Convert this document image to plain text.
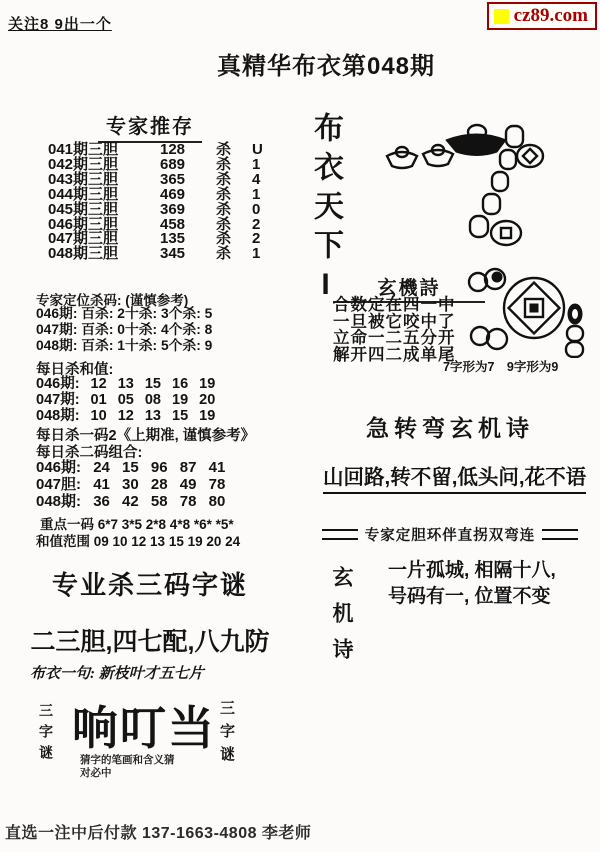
关注8 9出一个	cz89.com
真精华布衣第048期
专家推存
041期三胆	128	杀	U
042期三胆	689	杀	1
043期三胆	365	杀	4
044期三胆	469	杀	1
045期三胆	369	杀	0
046期三胆	458	杀	2
047期三胆	135	杀	2
048期三胆	345	杀	1
专家定位杀码: (谨慎参考)
046期: 百杀: 2十杀: 3个杀: 5
047期: 百杀: 0十杀: 4个杀: 8
048期: 百杀: 1十杀: 5个杀: 9
每日杀和值:
046期: 12 13 15 16 19
047期: 01 05 08 19 20
048期: 10 12 13 15 19
每日杀一码2《上期准, 谨慎参考》
每日杀二码组合:
046期: 24 15 96 87 41
047胆: 41 30 28 49 78
048期: 36 42 58 78 80
重点一码 6*7 3*5 2*8 4*8 *6* *5*
和值范围 09 10 12 13 15 19 20 24
专业杀三码字谜
二三胆,四七配,八九防
布衣一句: 新枝叶才五七片
三字谜 响叮当
猜字的笔画和含义猜
对必中
三字谜
布衣天下I	玄機詩
合数定在四一中
一旦被它咬中了
立命一二五分开
解开四二成单尾
7字形为7　9字形为9
急转弯玄机诗
山回路,转不留,低头问,花不语
专家定胆环伴直拐双弯连
玄机诗 一片孤城, 相隔十八,
号码有一, 位置不变
直选一注中后付款 137-1663-4808 李老师
